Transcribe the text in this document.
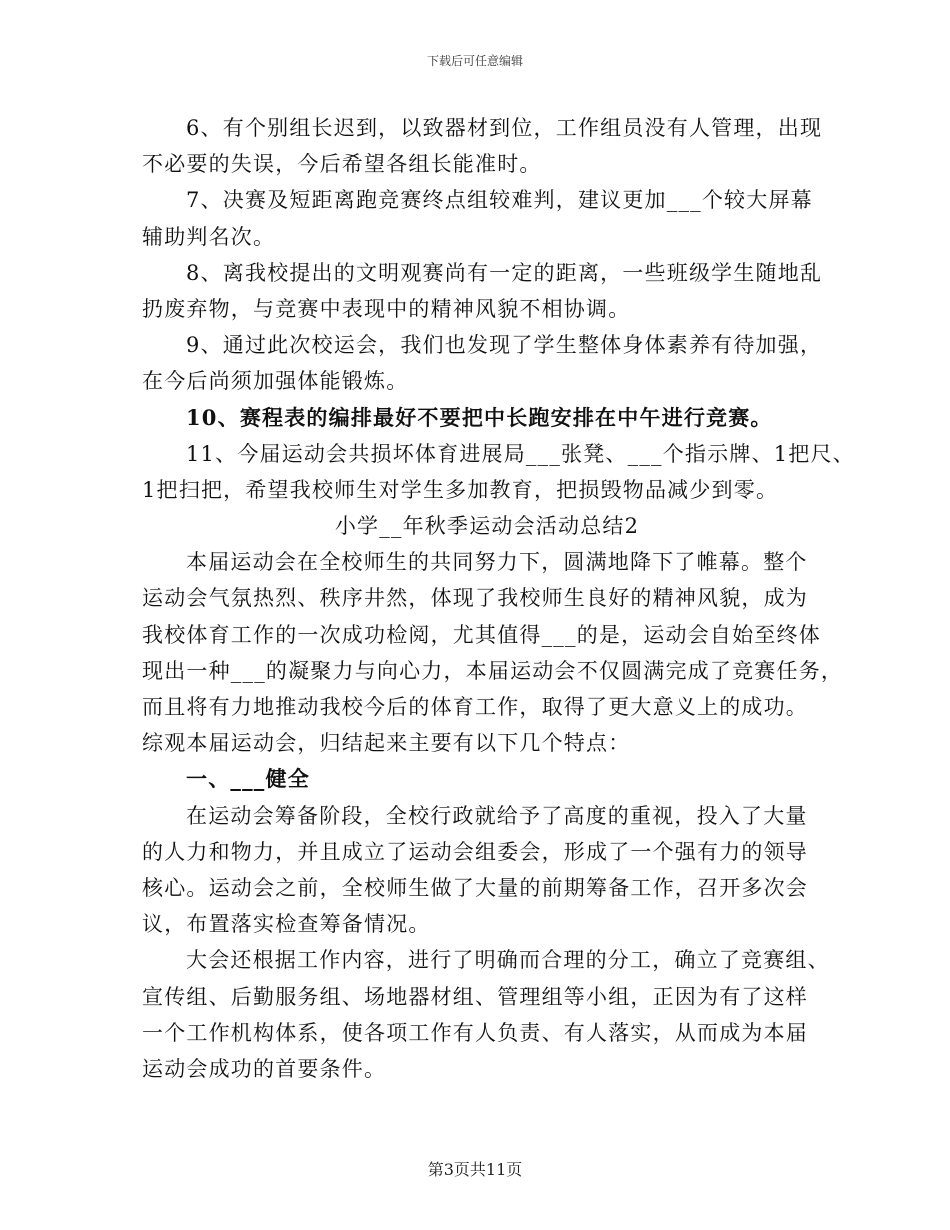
下载后可任意编辑
6、有个别组长迟到，以致器材到位，工作组员没有人管理，出现
不必要的失误，今后希望各组长能准时。
7、决赛及短距离跑竞赛终点组较难判，建议更加___个较大屏幕
辅助判名次。
8、离我校提出的文明观赛尚有一定的距离，一些班级学生随地乱
扔废弃物，与竞赛中表现中的精神风貌不相协调。
9、通过此次校运会，我们也发现了学生整体身体素养有待加强，
在今后尚须加强体能锻炼。
10、赛程表的编排最好不要把中长跑安排在中午进行竞赛。
11、今届运动会共损坏体育进展局___张凳、___个指示牌、1把尺、
1把扫把，希望我校师生对学生多加教育，把损毁物品减少到零。
小学__年秋季运动会活动总结2
本届运动会在全校师生的共同努力下，圆满地降下了帷幕。整个
运动会气氛热烈、秩序井然，体现了我校师生良好的精神风貌，成为
我校体育工作的一次成功检阅，尤其值得___的是，运动会自始至终体
现出一种___的凝聚力与向心力，本届运动会不仅圆满完成了竞赛任务，
而且将有力地推动我校今后的体育工作，取得了更大意义上的成功。
综观本届运动会，归结起来主要有以下几个特点：
一、___健全
在运动会筹备阶段，全校行政就给予了高度的重视，投入了大量
的人力和物力，并且成立了运动会组委会，形成了一个强有力的领导
核心。运动会之前，全校师生做了大量的前期筹备工作，召开多次会
议，布置落实检查筹备情况。
大会还根据工作内容，进行了明确而合理的分工，确立了竞赛组、
宣传组、后勤服务组、场地器材组、管理组等小组，正因为有了这样
一个工作机构体系，使各项工作有人负责、有人落实，从而成为本届
运动会成功的首要条件。
第3页共11页
